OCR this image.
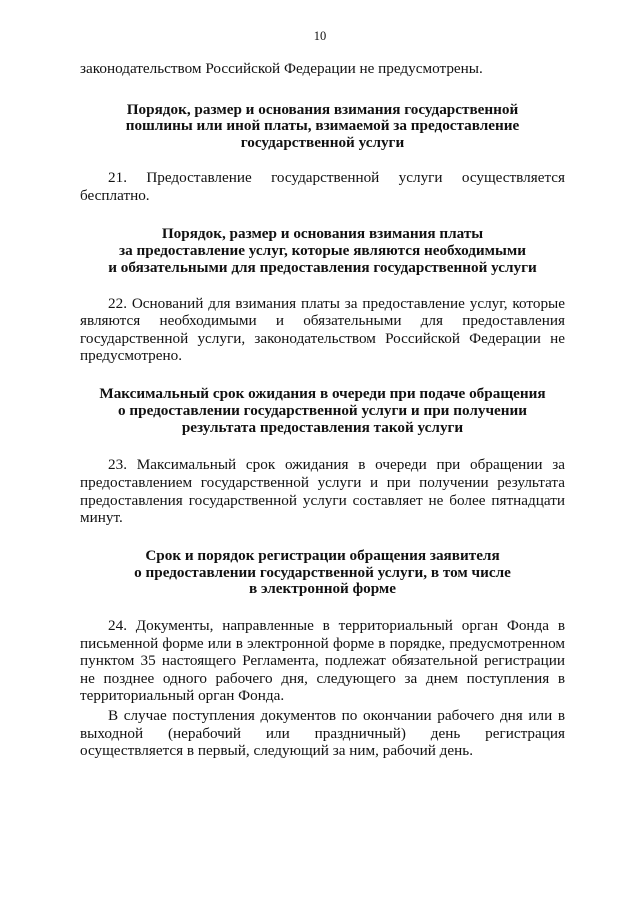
10

законодательством Российской Федерации не предусмотрены.

Порядок, размер и основания взимания государственной
пошлины или иной платы, взимаемой за предоставление
государственной услуги

21. Предоставление государственной услуги осуществляется бесплатно.

Порядок, размер и основания взимания платы
за предоставление услуг, которые являются необходимыми
и обязательными для предоставления государственной услуги

22. Оснований для взимания платы за предоставление услуг, которые являются необходимыми и обязательными для предоставления государственной услуги, законодательством Российской Федерации не предусмотрено.

Максимальный срок ожидания в очереди при подаче обращения
о предоставлении государственной услуги и при получении
результата предоставления такой услуги

23. Максимальный срок ожидания в очереди при обращении за предоставлением государственной услуги и при получении результата предоставления государственной услуги составляет не более пятнадцати минут.

Срок и порядок регистрации обращения заявителя
о предоставлении государственной услуги, в том числе
в электронной форме

24. Документы, направленные в территориальный орган Фонда в письменной форме или в электронной форме в порядке, предусмотренном пунктом 35 настоящего Регламента, подлежат обязательной регистрации не позднее одного рабочего дня, следующего за днем поступления в территориальный орган Фонда.

В случае поступления документов по окончании рабочего дня или в выходной (нерабочий или праздничный) день регистрация осуществляется в первый, следующий за ним, рабочий день.
